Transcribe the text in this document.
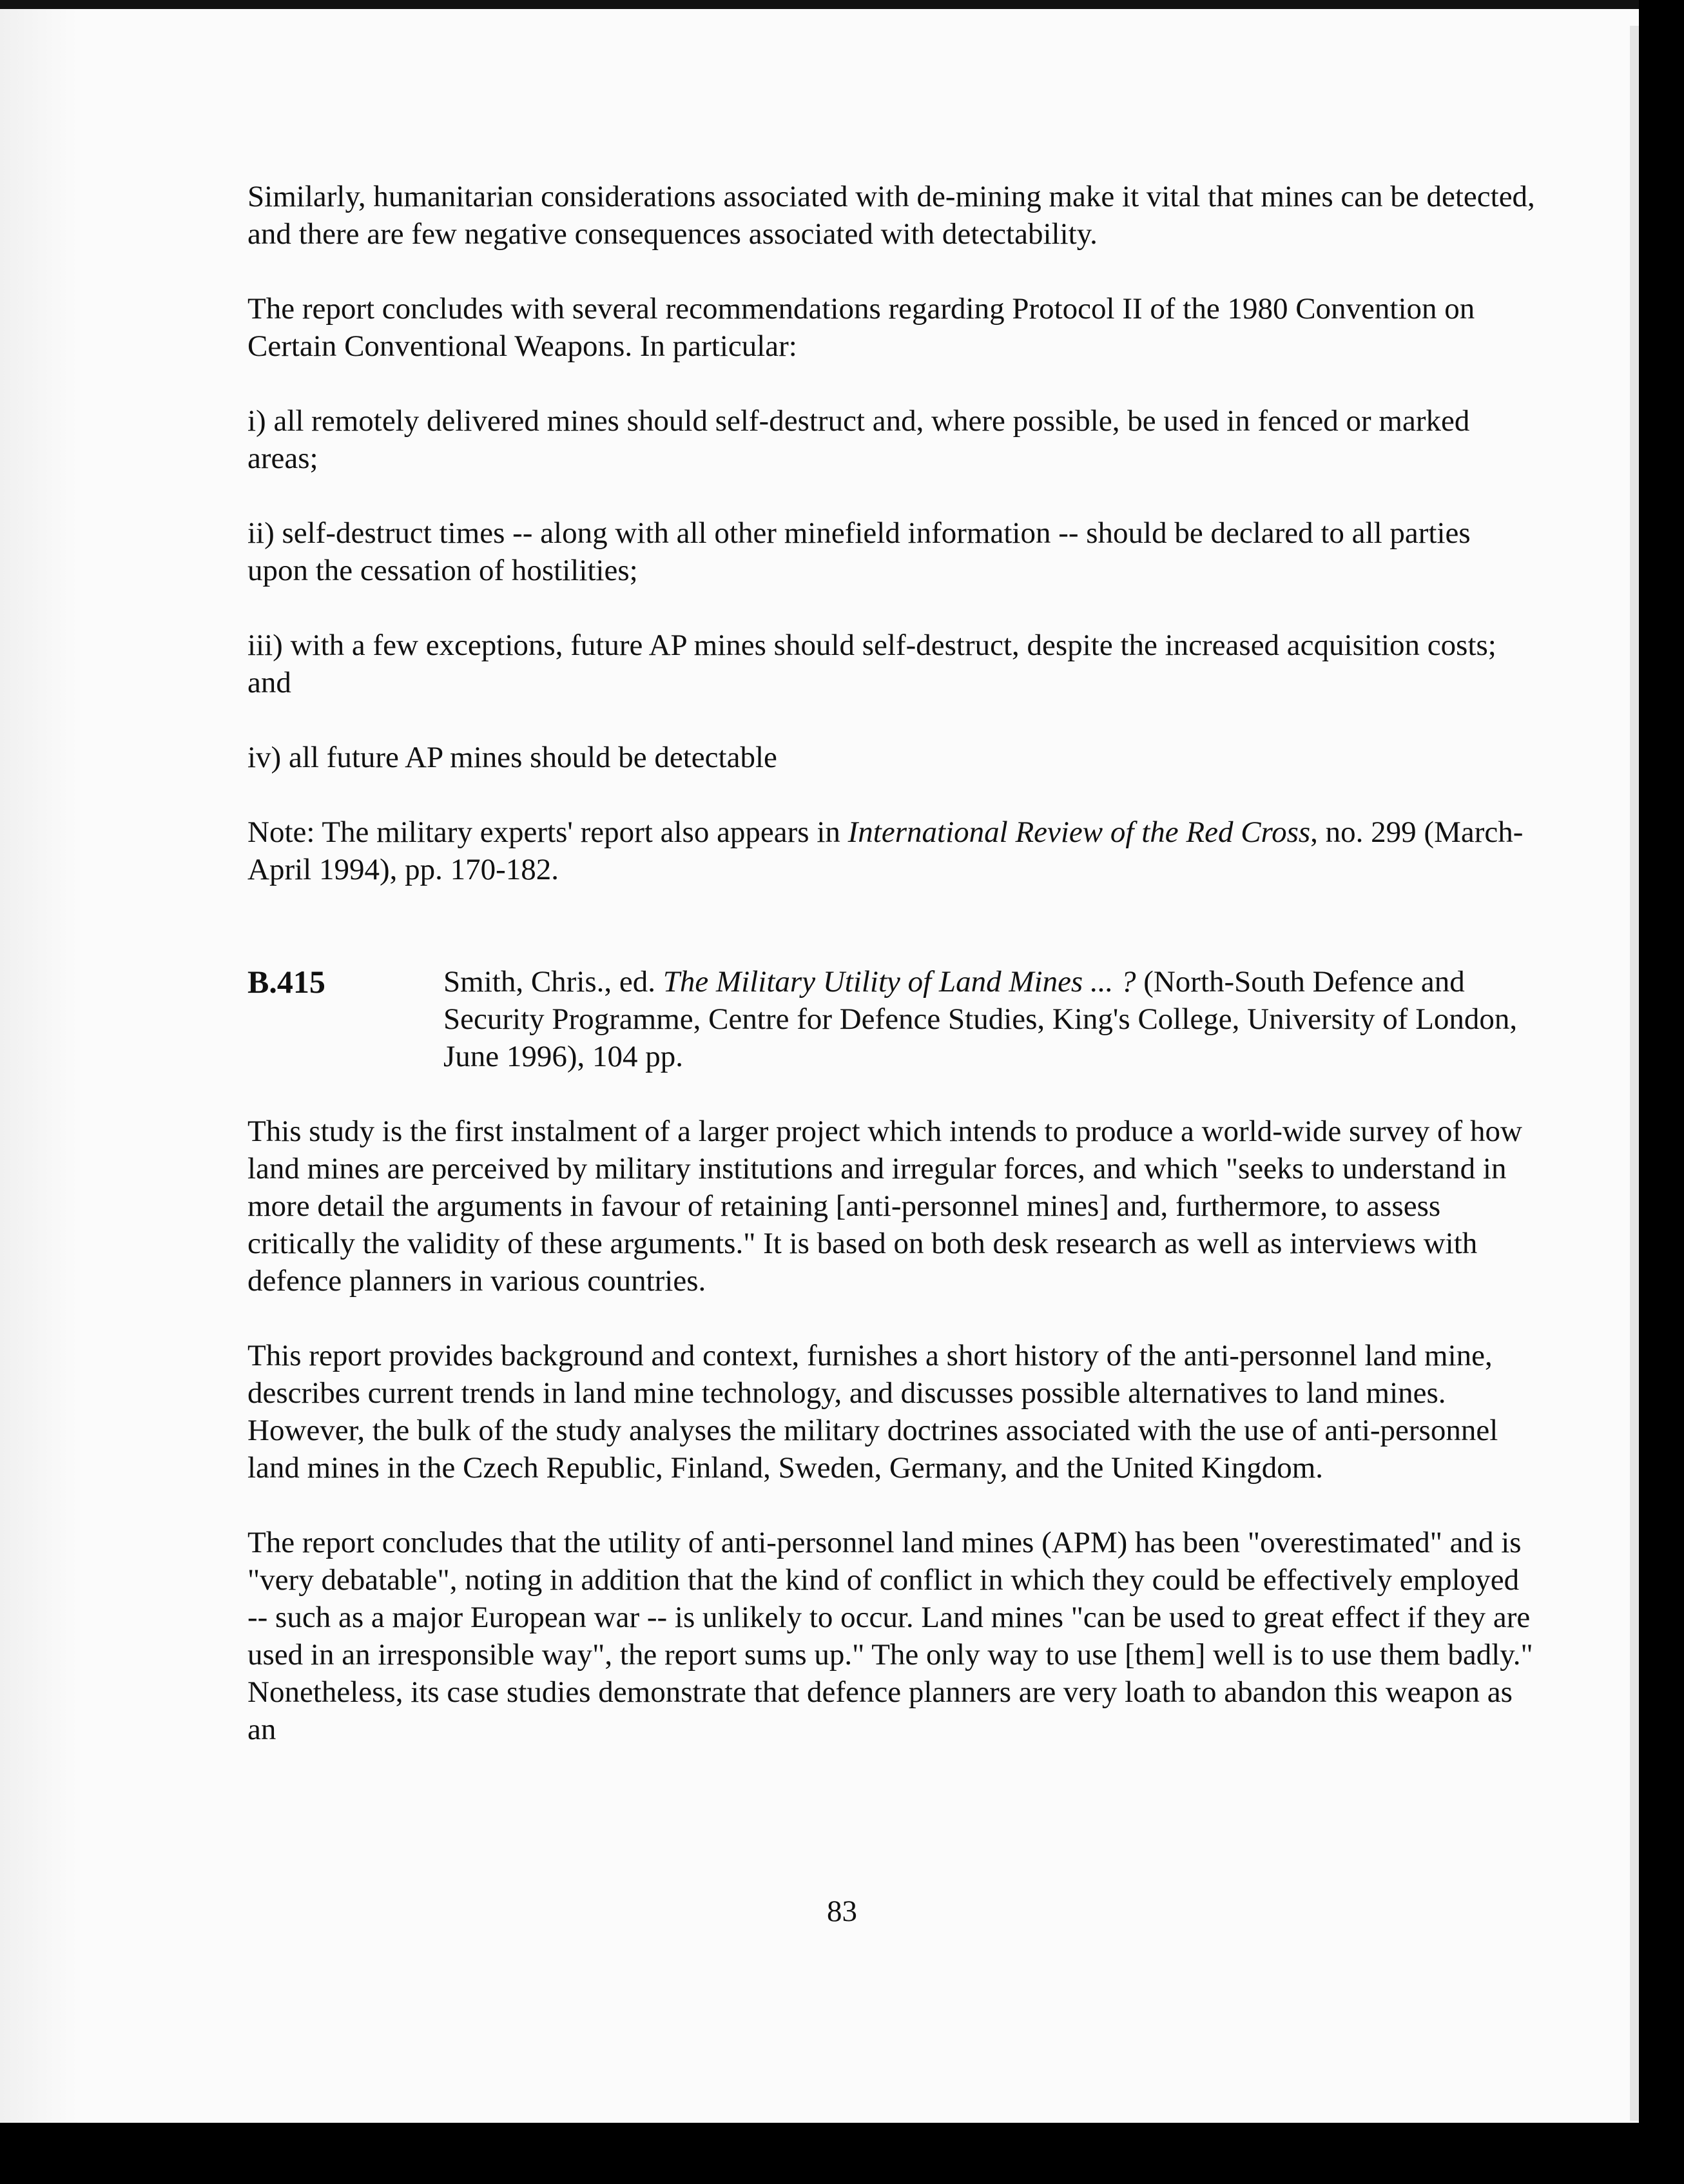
Similarly, humanitarian considerations associated with de-mining make it vital that mines can be detected, and there are few negative consequences associated with detectability.

The report concludes with several recommendations regarding Protocol II of the 1980 Convention on Certain Conventional Weapons. In particular:

i) all remotely delivered mines should self-destruct and, where possible, be used in fenced or marked areas;

ii) self-destruct times -- along with all other minefield information -- should be declared to all parties upon the cessation of hostilities;

iii) with a few exceptions, future AP mines should self-destruct, despite the increased acquisition costs; and

iv) all future AP mines should be detectable

Note: The military experts' report also appears in International Review of the Red Cross, no. 299 (March-April 1994), pp. 170-182.

B.415	Smith, Chris., ed. The Military Utility of Land Mines ... ? (North-South Defence and Security Programme, Centre for Defence Studies, King's College, University of London, June 1996), 104 pp.

This study is the first instalment of a larger project which intends to produce a world-wide survey of how land mines are perceived by military institutions and irregular forces, and which "seeks to understand in more detail the arguments in favour of retaining [anti-personnel mines] and, furthermore, to assess critically the validity of these arguments." It is based on both desk research as well as interviews with defence planners in various countries.

This report provides background and context, furnishes a short history of the anti-personnel land mine, describes current trends in land mine technology, and discusses possible alternatives to land mines. However, the bulk of the study analyses the military doctrines associated with the use of anti-personnel land mines in the Czech Republic, Finland, Sweden, Germany, and the United Kingdom.

The report concludes that the utility of anti-personnel land mines (APM) has been "overestimated" and is "very debatable", noting in addition that the kind of conflict in which they could be effectively employed -- such as a major European war -- is unlikely to occur. Land mines "can be used to great effect if they are used in an irresponsible way", the report sums up." The only way to use [them] well is to use them badly." Nonetheless, its case studies demonstrate that defence planners are very loath to abandon this weapon as an

83
